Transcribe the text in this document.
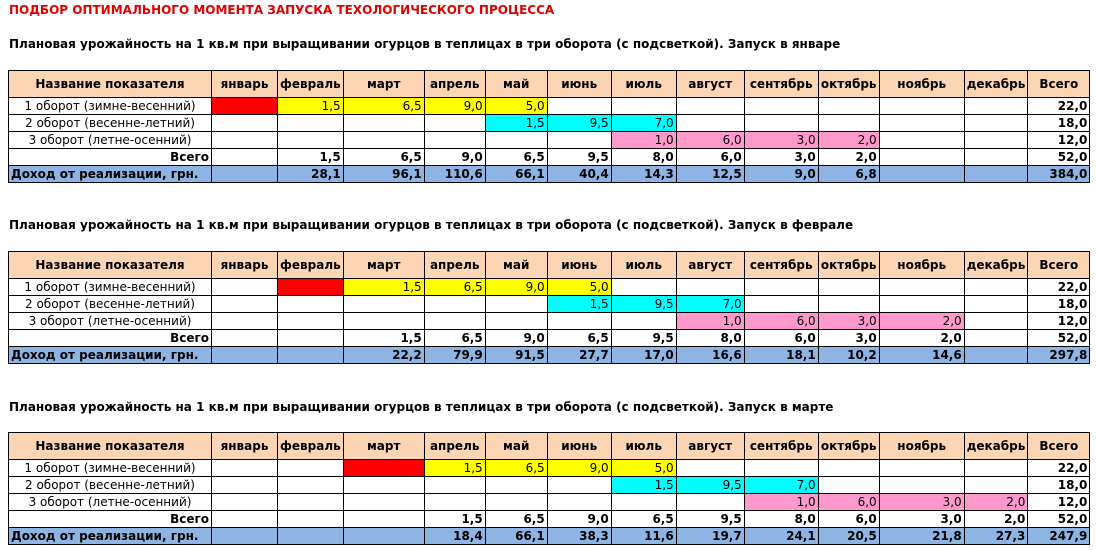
ПОДБОР ОПТИМАЛЬНОГО МОМЕНТА ЗАПУСКА ТЕХОЛОГИЧЕСКОГО ПРОЦЕССА
Плановая урожайность на 1 кв.м при выращивании огурцов в теплицах в три оборота (с подсветкой). Запуск в январе
Название показателя	январь	февраль	март	апрель	май	июнь	июль	август	сентябрь	октябрь	ноябрь	декабрь	Всего
1 оборот (зимне-весенний)		1,5	6,5	9,0	5,0								22,0
2 оборот (весенне-летний)					1,5	9,5	7,0						18,0
3 оборот (летне-осенний)							1,0	6,0	3,0	2,0			12,0
Всего		1,5	6,5	9,0	6,5	9,5	8,0	6,0	3,0	2,0			52,0
Доход от реализации, грн.		28,1	96,1	110,6	66,1	40,4	14,3	12,5	9,0	6,8			384,0
Плановая урожайность на 1 кв.м при выращивании огурцов в теплицах в три оборота (с подсветкой). Запуск в феврале
Название показателя	январь	февраль	март	апрель	май	июнь	июль	август	сентябрь	октябрь	ноябрь	декабрь	Всего
1 оборот (зимне-весенний)			1,5	6,5	9,0	5,0							22,0
2 оборот (весенне-летний)						1,5	9,5	7,0					18,0
3 оборот (летне-осенний)								1,0	6,0	3,0	2,0		12,0
Всего			1,5	6,5	9,0	6,5	9,5	8,0	6,0	3,0	2,0		52,0
Доход от реализации, грн.			22,2	79,9	91,5	27,7	17,0	16,6	18,1	10,2	14,6		297,8
Плановая урожайность на 1 кв.м при выращивании огурцов в теплицах в три оборота (с подсветкой). Запуск в марте
Название показателя	январь	февраль	март	апрель	май	июнь	июль	август	сентябрь	октябрь	ноябрь	декабрь	Всего
1 оборот (зимне-весенний)				1,5	6,5	9,0	5,0						22,0
2 оборот (весенне-летний)							1,5	9,5	7,0				18,0
3 оборот (летне-осенний)									1,0	6,0	3,0	2,0	12,0
Всего				1,5	6,5	9,0	6,5	9,5	8,0	6,0	3,0	2,0	52,0
Доход от реализации, грн.				18,4	66,1	38,3	11,6	19,7	24,1	20,5	21,8	27,3	247,9
